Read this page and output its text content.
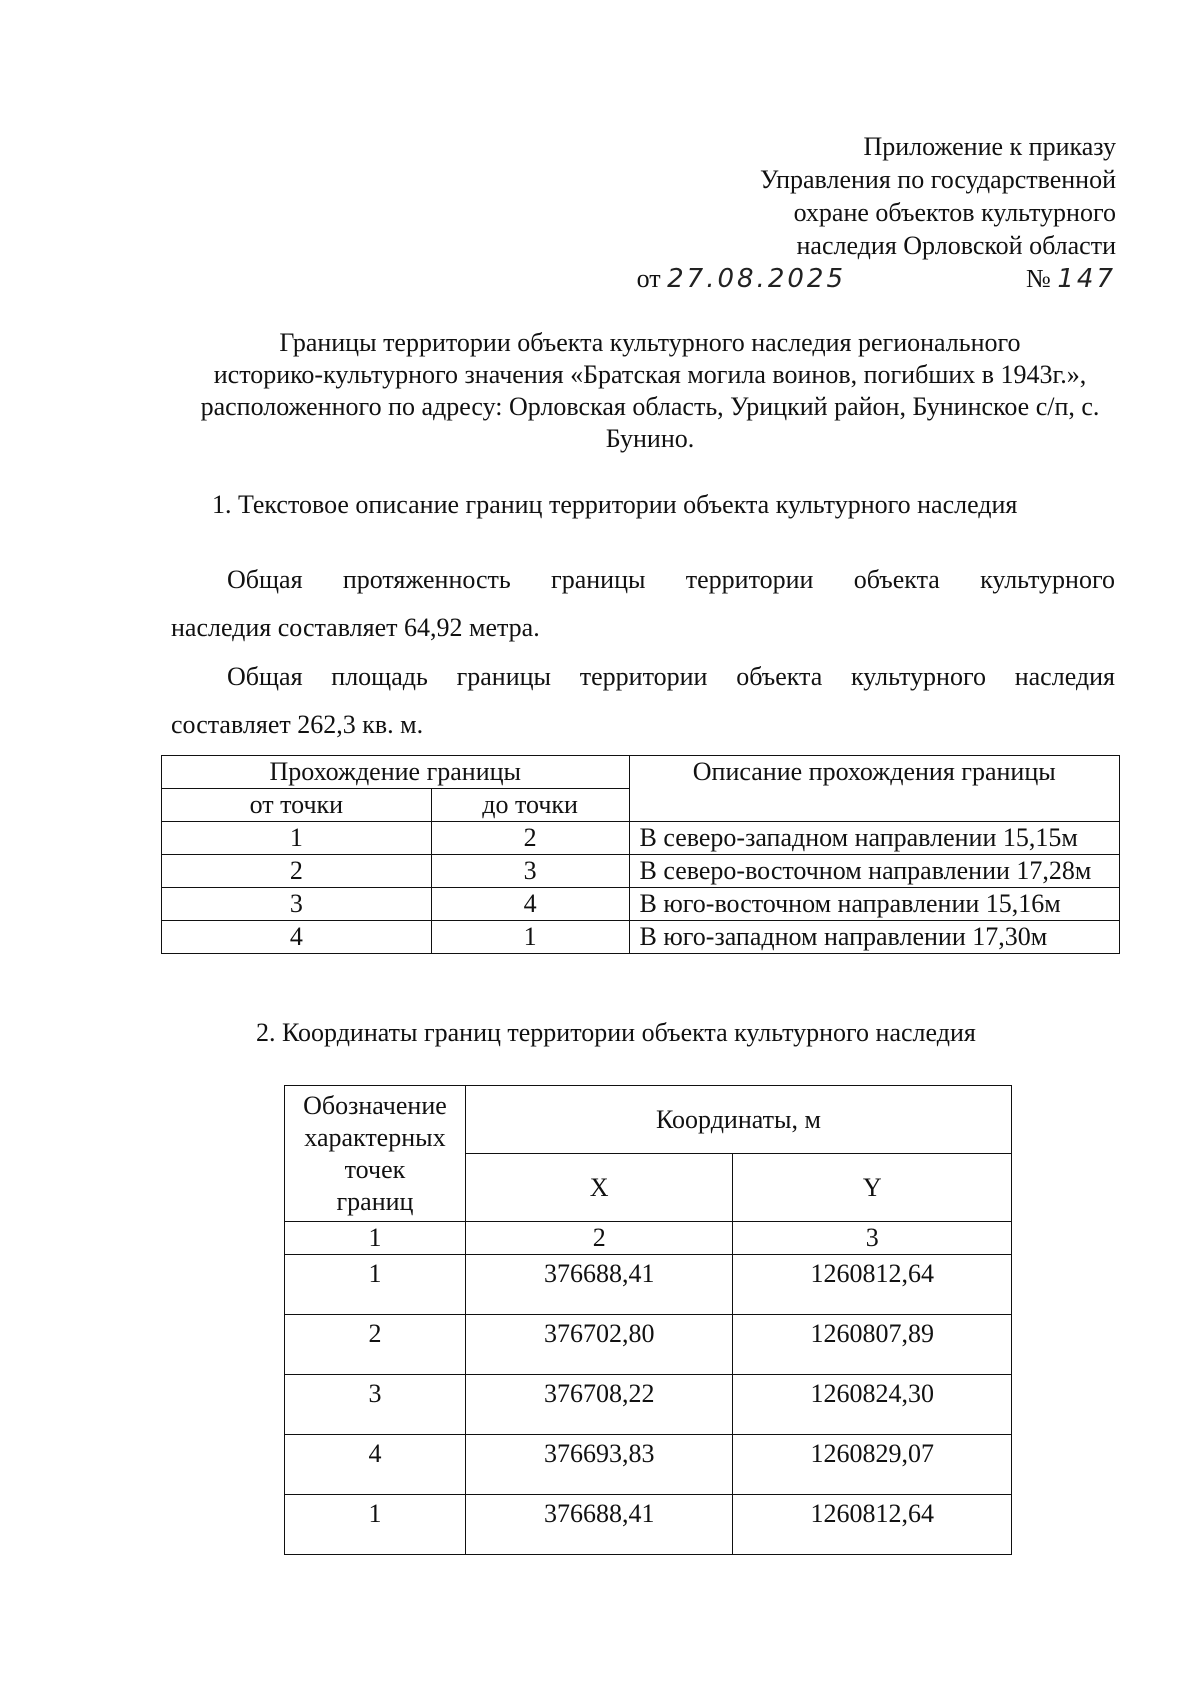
Приложение к приказу
Управления по государственной
охране объектов культурного
наследия Орловской области
от 27.08.2025	№ 147
Границы территории объекта культурного наследия регионального
историко-культурного значения «Братская могила воинов, погибших в 1943г.»,
расположенного по адресу: Орловская область, Урицкий район, Бунинское с/п, с.
Бунино.
1. Текстовое описание границ территории объекта культурного наследия
Общая протяженность границы территории объекта культурного
наследия составляет 64,92 метра.
Общая площадь границы территории объекта культурного наследия
составляет 262,3 кв. м.
Прохождение границы		Описание прохождения границы
от точки	до точки	
1	2	В северо-западном направлении 15,15м
2	3	В северо-восточном направлении 17,28м
3	4	В юго-восточном направлении 15,16м
4	1	В юго-западном направлении 17,30м
2. Координаты границ территории объекта культурного наследия
Обозначение
характерных
точек
границ	Координаты, м	
	X	Y
1	2	3
1	376688,41	1260812,64
2	376702,80	1260807,89
3	376708,22	1260824,30
4	376693,83	1260829,07
1	376688,41	1260812,64
